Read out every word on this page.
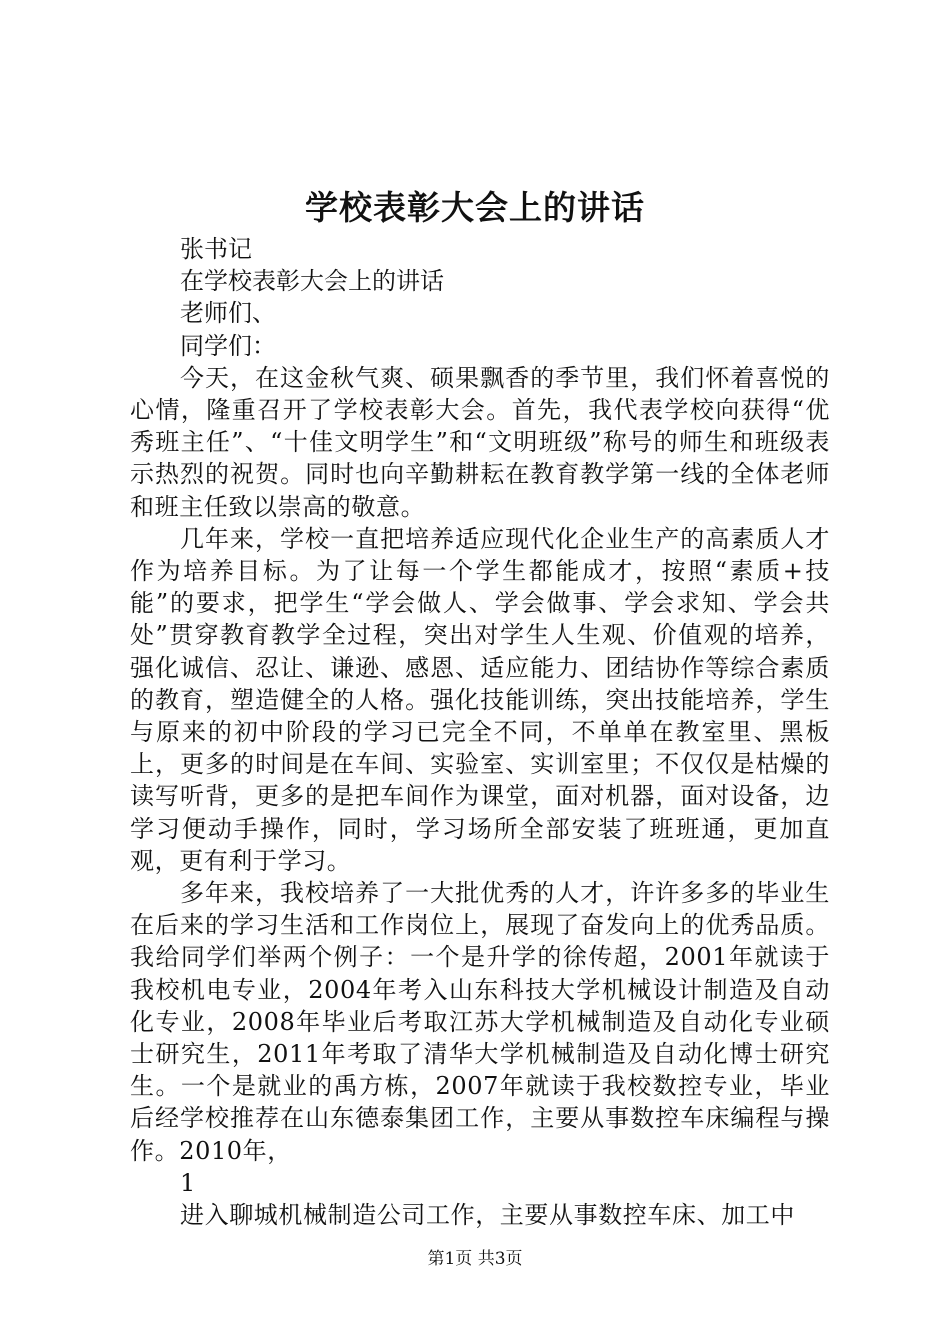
学校表彰大会上的讲话
张书记
在学校表彰大会上的讲话
老师们、
同学们：

今天，在这金秋气爽、硕果飘香的季节里，我们怀着喜悦的心情，隆重召开了学校表彰大会。首先，我代表学校向获得“优秀班主任”、“十佳文明学生”和“文明班级”称号的师生和班级表示热烈的祝贺。同时也向辛勤耕耘在教育教学第一线的全体老师和班主任致以崇高的敬意。

几年来，学校一直把培养适应现代化企业生产的高素质人才作为培养目标。为了让每一个学生都能成才，按照“素质+技能”的要求，把学生“学会做人、学会做事、学会求知、学会共处”贯穿教育教学全过程，突出对学生人生观、价值观的培养，强化诚信、忍让、谦逊、感恩、适应能力、团结协作等综合素质的教育，塑造健全的人格。强化技能训练，突出技能培养，学生与原来的初中阶段的学习已完全不同，不单单在教室里、黑板上，更多的时间是在车间、实验室、实训室里；不仅仅是枯燥的读写听背，更多的是把车间作为课堂，面对机器，面对设备，边学习便动手操作，同时，学习场所全部安装了班班通，更加直观，更有利于学习。

多年来，我校培养了一大批优秀的人才，许许多多的毕业生在后来的学习生活和工作岗位上，展现了奋发向上的优秀品质。我给同学们举两个例子：一个是升学的徐传超，2001年就读于我校机电专业，2004年考入山东科技大学机械设计制造及自动化专业，2008年毕业后考取江苏大学机械制造及自动化专业硕士研究生，2011年考取了清华大学机械制造及自动化博士研究生。一个是就业的禹方栋，2007年就读于我校数控专业，毕业后经学校推荐在山东德泰集团工作，主要从事数控车床编程与操作。2010年，

1

进入聊城机械制造公司工作，主要从事数控车床、加工中

第1页 共3页
